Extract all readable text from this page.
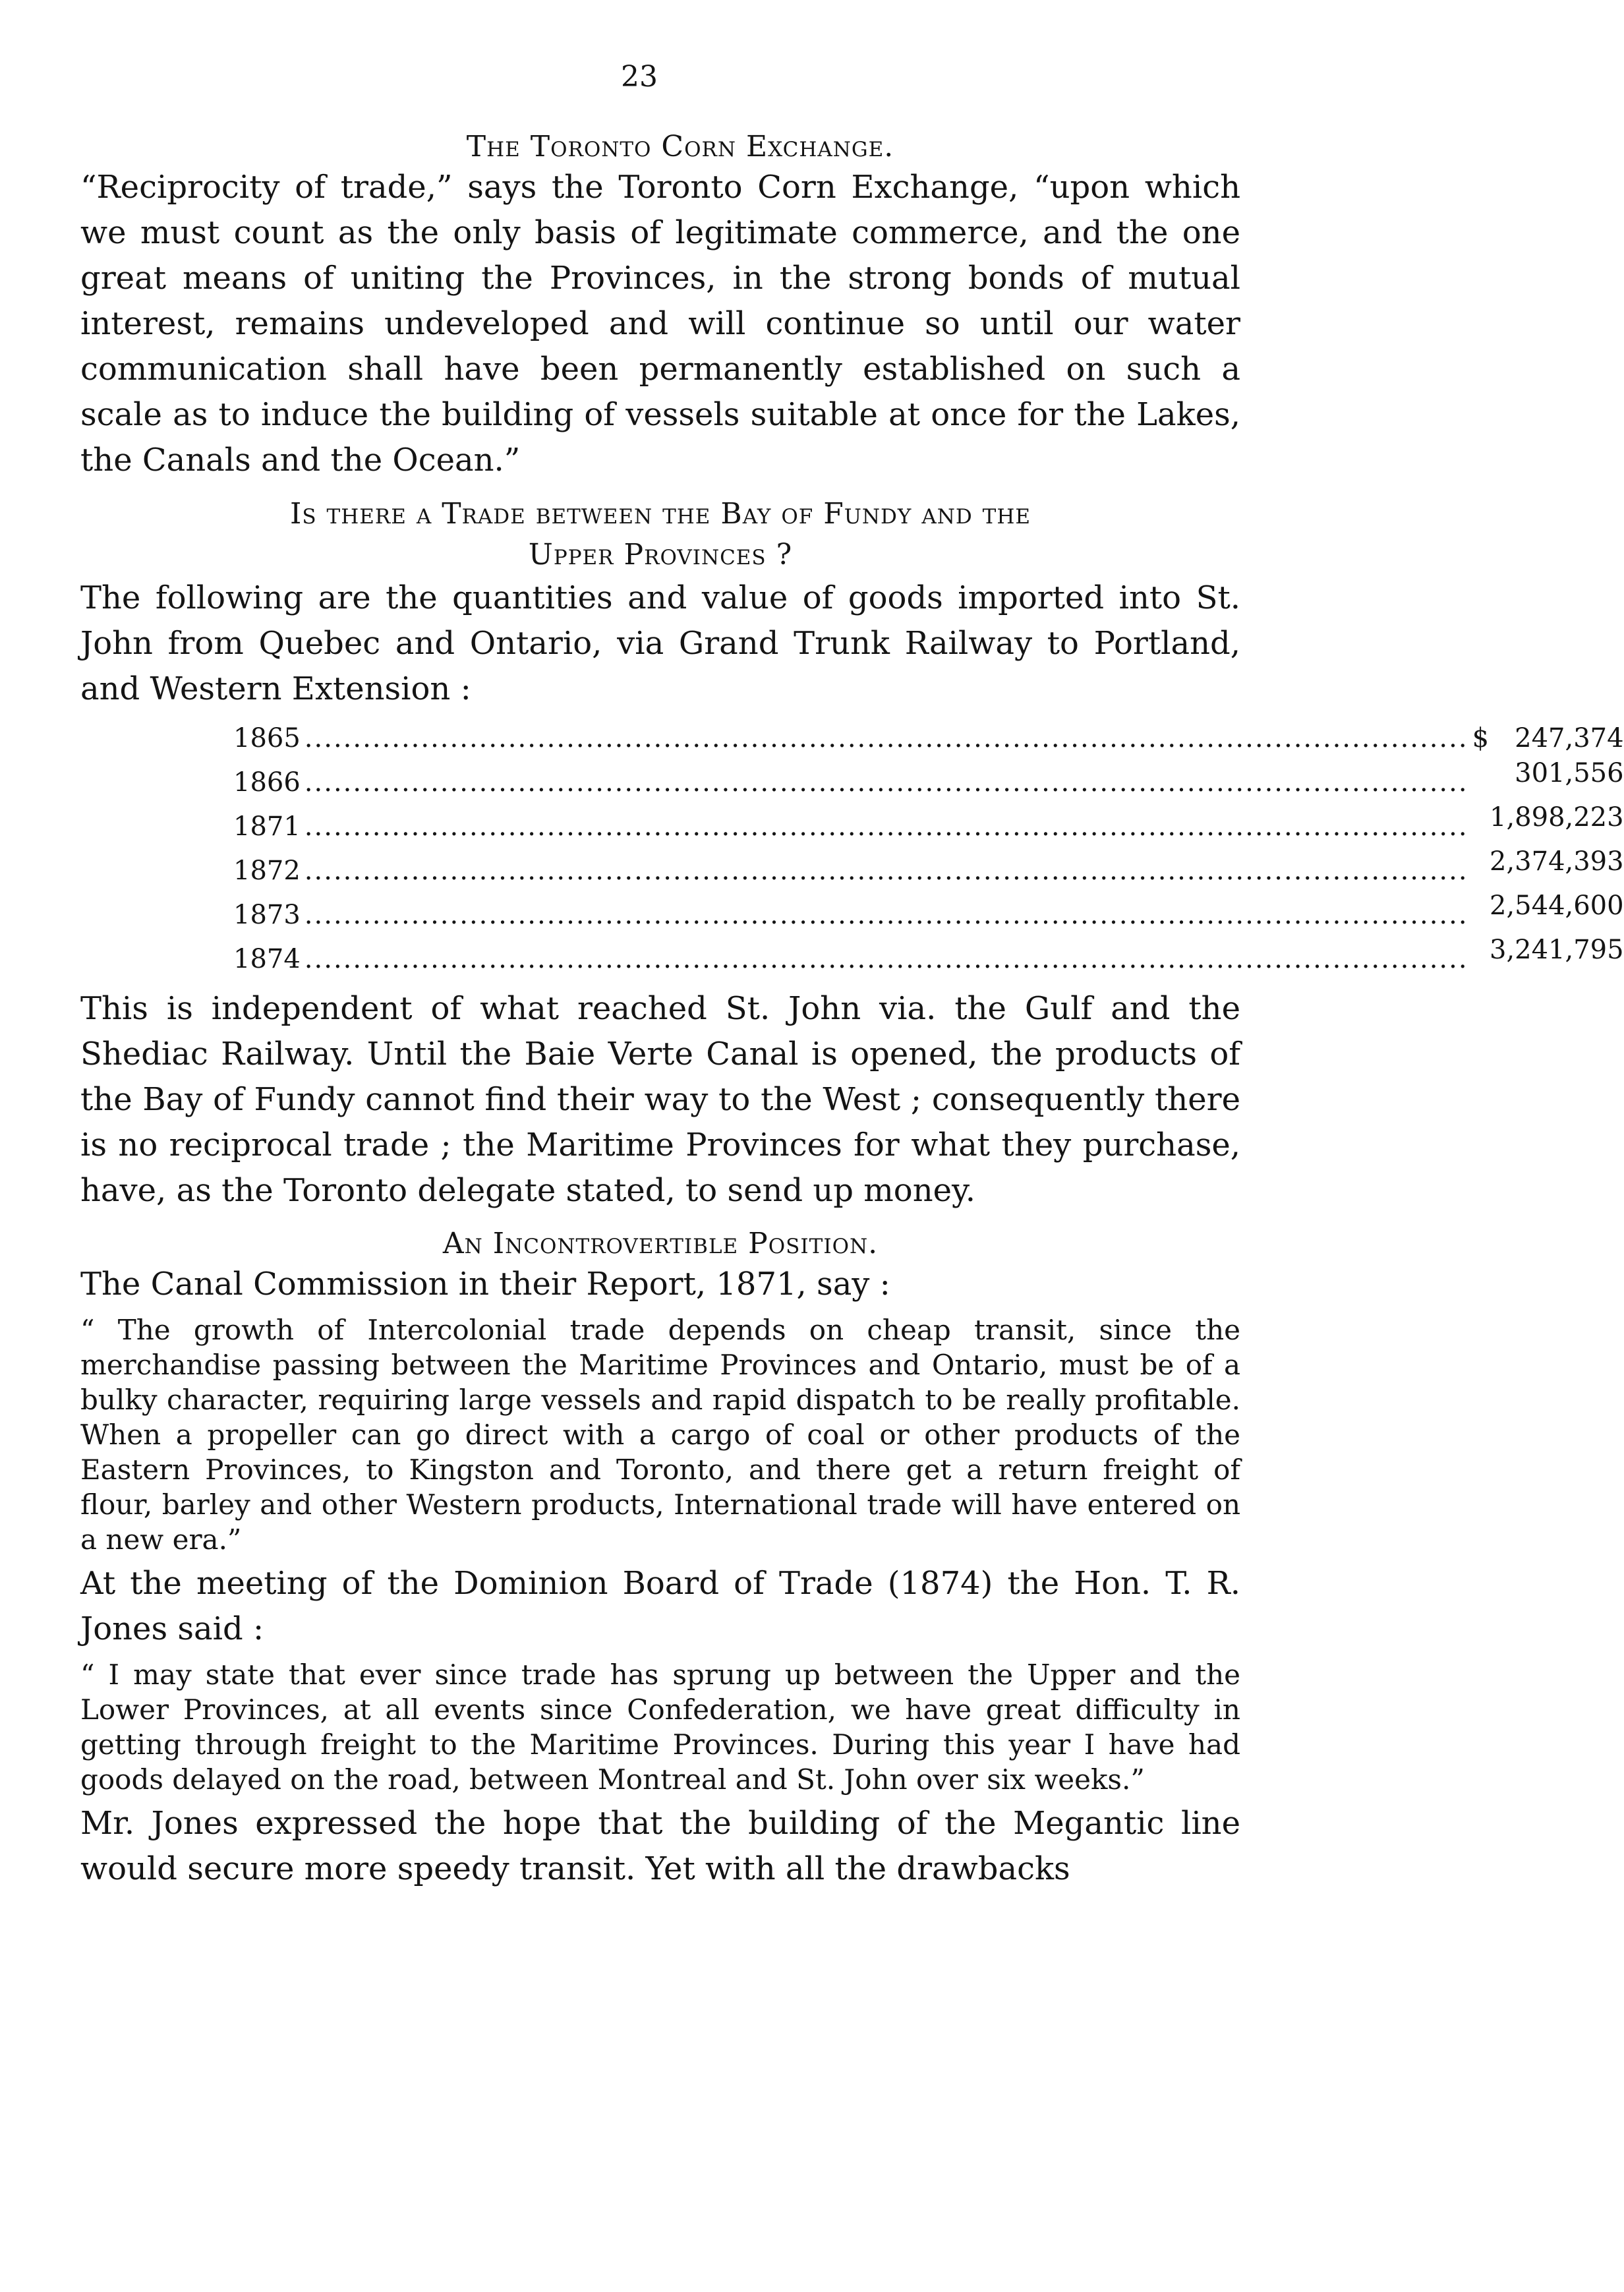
23
The Toronto Corn Exchange.

“Reciprocity of trade,” says the Toronto Corn Exchange, “upon which we must count as the only basis of legitimate commerce, and the one great means of uniting the Provinces, in the strong bonds of mutual interest, remains undeveloped and will continue so until our water communication shall have been permanently established on such a scale as to induce the building of vessels suitable at once for the Lakes, the Canals and the Ocean.”

Is there a Trade between the Bay of Fundy and the
Upper Provinces ?

The following are the quantities and value of goods imported into St. John from Quebec and Ontario, via Grand Trunk Railway to Portland, and Western Extension :

1865 ........................................................................................................................ $ 247,374
1866 ........................................................................................................................	301,556
1871 ........................................................................................................................ 1,898,223
1872 ........................................................................................................................ 2,374,393
1873 ........................................................................................................................ 2,544,600
1874 ........................................................................................................................ 3,241,795

This is independent of what reached St. John via. the Gulf and the Shediac Railway. Until the Baie Verte Canal is opened, the products of the Bay of Fundy cannot find their way to the West ; consequently there is no reciprocal trade ; the Maritime Provinces for what they purchase, have, as the Toronto delegate stated, to send up money.

An Incontrovertible Position.

The Canal Commission in their Report, 1871, say :

“ The growth of Intercolonial trade depends on cheap transit, since the merchandise passing between the Maritime Provinces and Ontario, must be of a bulky character, requiring large vessels and rapid dispatch to be really profitable. When a propeller can go direct with a cargo of coal or other products of the Eastern Provinces, to Kingston and Toronto, and there get a return freight of flour, barley and other Western products, International trade will have entered on a new era.”

At the meeting of the Dominion Board of Trade (1874) the Hon. T. R. Jones said :

“ I may state that ever since trade has sprung up between the Upper and the Lower Provinces, at all events since Confederation, we have great difficulty in getting through freight to the Maritime Provinces. During this year I have had goods delayed on the road, between Montreal and St. John over six weeks.”

Mr. Jones expressed the hope that the building of the Megantic line would secure more speedy transit. Yet with all the drawbacks
